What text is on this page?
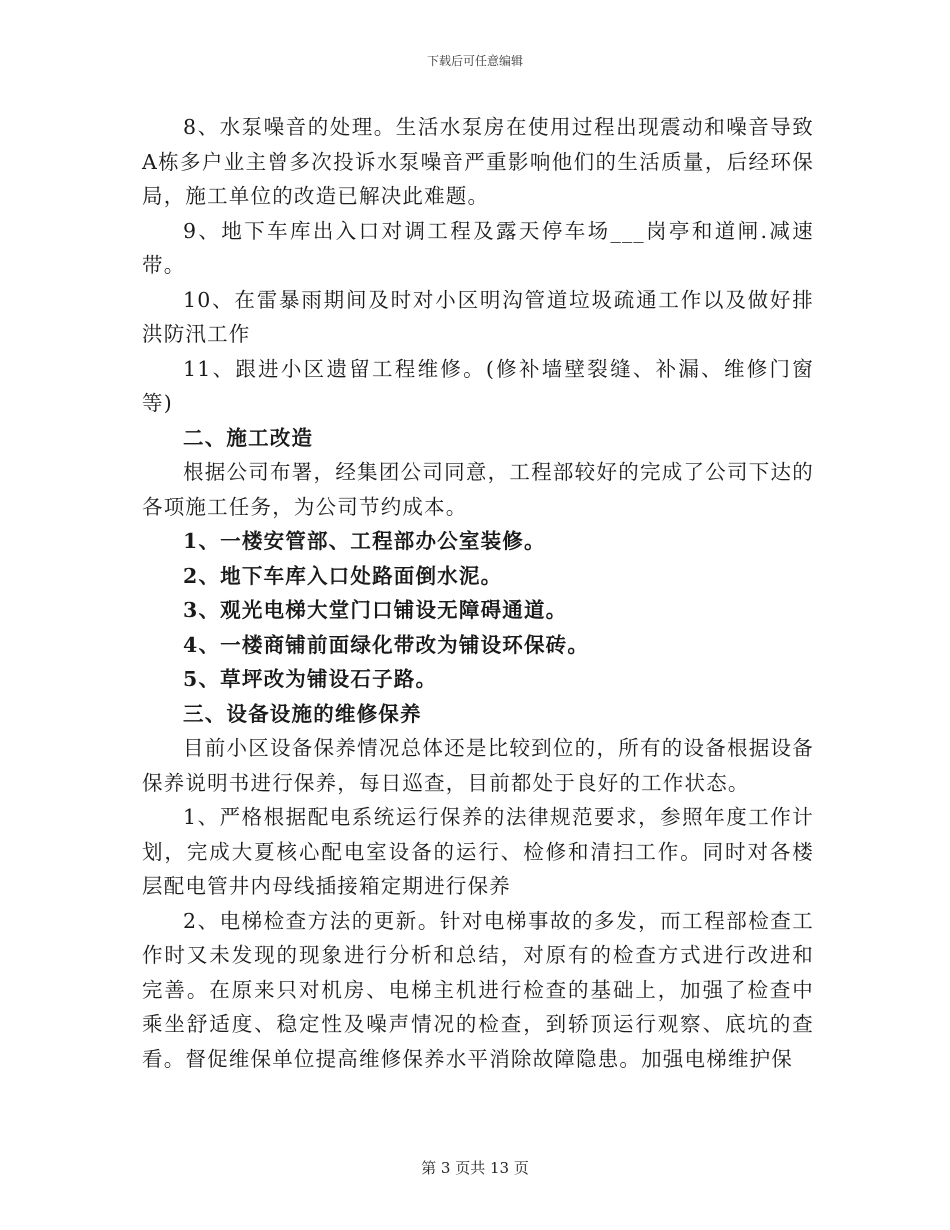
下载后可任意编辑

8、水泵噪音的处理。生活水泵房在使用过程出现震动和噪音导致A栋多户业主曾多次投诉水泵噪音严重影响他们的生活质量，后经环保局，施工单位的改造已解决此难题。

9、地下车库出入口对调工程及露天停车场___岗亭和道闸.减速带。

10、在雷暴雨期间及时对小区明沟管道垃圾疏通工作以及做好排洪防汛工作

11、跟进小区遗留工程维修。(修补墙壁裂缝、补漏、维修门窗等)

二、施工改造

根据公司布署，经集团公司同意，工程部较好的完成了公司下达的各项施工任务，为公司节约成本。

1、一楼安管部、工程部办公室装修。

2、地下车库入口处路面倒水泥。

3、观光电梯大堂门口铺设无障碍通道。

4、一楼商铺前面绿化带改为铺设环保砖。

5、草坪改为铺设石子路。

三、设备设施的维修保养

目前小区设备保养情况总体还是比较到位的，所有的设备根据设备保养说明书进行保养，每日巡查，目前都处于良好的工作状态。

1、严格根据配电系统运行保养的法律规范要求，参照年度工作计划，完成大夏核心配电室设备的运行、检修和清扫工作。同时对各楼层配电管井内母线插接箱定期进行保养

2、电梯检查方法的更新。针对电梯事故的多发，而工程部检查工作时又未发现的现象进行分析和总结，对原有的检查方式进行改进和完善。在原来只对机房、电梯主机进行检查的基础上，加强了检查中乘坐舒适度、稳定性及噪声情况的检查，到轿顶运行观察、底坑的查看。督促维保单位提高维修保养水平消除故障隐患。加强电梯维护保

第 3 页共 13 页
